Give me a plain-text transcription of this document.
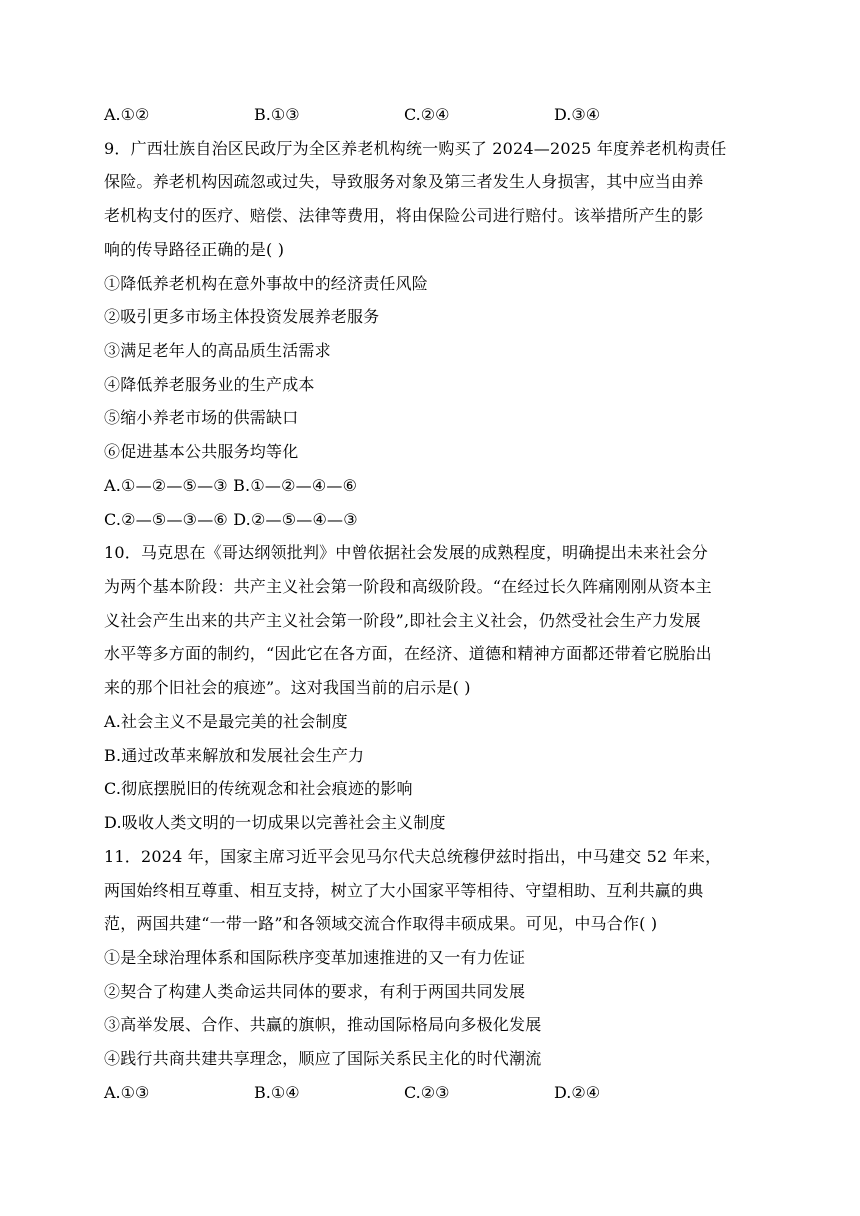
A.①②	B.①③	C.②④	D.③④
9．广西壮族自治区民政厅为全区养老机构统一购买了 2024—2025 年度养老机构责任
保险。养老机构因疏忽或过失，导致服务对象及第三者发生人身损害，其中应当由养
老机构支付的医疗、赔偿、法律等费用，将由保险公司进行赔付。该举措所产生的影
响的传导路径正确的是( )
①降低养老机构在意外事故中的经济责任风险
②吸引更多市场主体投资发展养老服务
③满足老年人的高品质生活需求
④降低养老服务业的生产成本
⑤缩小养老市场的供需缺口
⑥促进基本公共服务均等化
A.①—②—⑤—③ B.①—②—④—⑥
C.②—⑤—③—⑥ D.②—⑤—④—③
10．马克思在《哥达纲领批判》中曾依据社会发展的成熟程度，明确提出未来社会分
为两个基本阶段：共产主义社会第一阶段和高级阶段。“在经过长久阵痛刚刚从资本主
义社会产生出来的共产主义社会第一阶段”,即社会主义社会，仍然受社会生产力发展
水平等多方面的制约，“因此它在各方面，在经济、道德和精神方面都还带着它脱胎出
来的那个旧社会的痕迹”。这对我国当前的启示是( )
A.社会主义不是最完美的社会制度
B.通过改革来解放和发展社会生产力
C.彻底摆脱旧的传统观念和社会痕迹的影响
D.吸收人类文明的一切成果以完善社会主义制度
11．2024 年，国家主席习近平会见马尔代夫总统穆伊兹时指出，中马建交 52 年来，
两国始终相互尊重、相互支持，树立了大小国家平等相待、守望相助、互利共赢的典
范，两国共建“一带一路”和各领域交流合作取得丰硕成果。可见，中马合作( )
①是全球治理体系和国际秩序变革加速推进的又一有力佐证
②契合了构建人类命运共同体的要求，有利于两国共同发展
③高举发展、合作、共赢的旗帜，推动国际格局向多极化发展
④践行共商共建共享理念，顺应了国际关系民主化的时代潮流
A.①③	B.①④	C.②③	D.②④
